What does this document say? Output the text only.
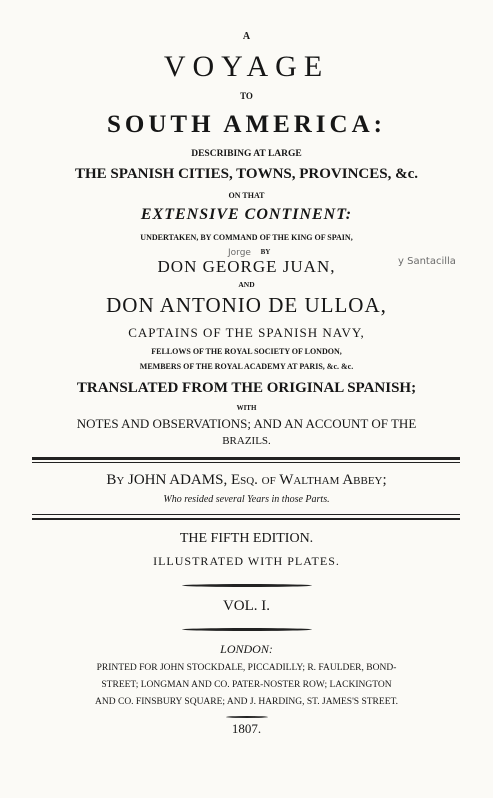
A
VOYAGE
TO
SOUTH AMERICA:
DESCRIBING AT LARGE
THE SPANISH CITIES, TOWNS, PROVINCES, &c.
ON THAT
EXTENSIVE CONTINENT:
UNDERTAKEN, BY COMMAND OF THE KING OF SPAIN,
Jorge	BY
DON GEORGE JUAN,	y Santacilla
AND
DON ANTONIO DE ULLOA,
CAPTAINS OF THE SPANISH NAVY,
FELLOWS OF THE ROYAL SOCIETY OF LONDON,
MEMBERS OF THE ROYAL ACADEMY AT PARIS, &c. &c.
TRANSLATED FROM THE ORIGINAL SPANISH;
WITH
NOTES AND OBSERVATIONS; AND AN ACCOUNT OF THE
BRAZILS.
By JOHN ADAMS, Esq. of Waltham Abbey;
Who resided several Years in those Parts.
THE FIFTH EDITION.
ILLUSTRATED WITH PLATES.
VOL. I.
LONDON:
PRINTED FOR JOHN STOCKDALE, PICCADILLY; R. FAULDER, BOND-
STREET; LONGMAN AND CO. PATER-NOSTER ROW; LACKINGTON
AND CO. FINSBURY SQUARE; AND J. HARDING, ST. JAMES'S STREET.
1807.
